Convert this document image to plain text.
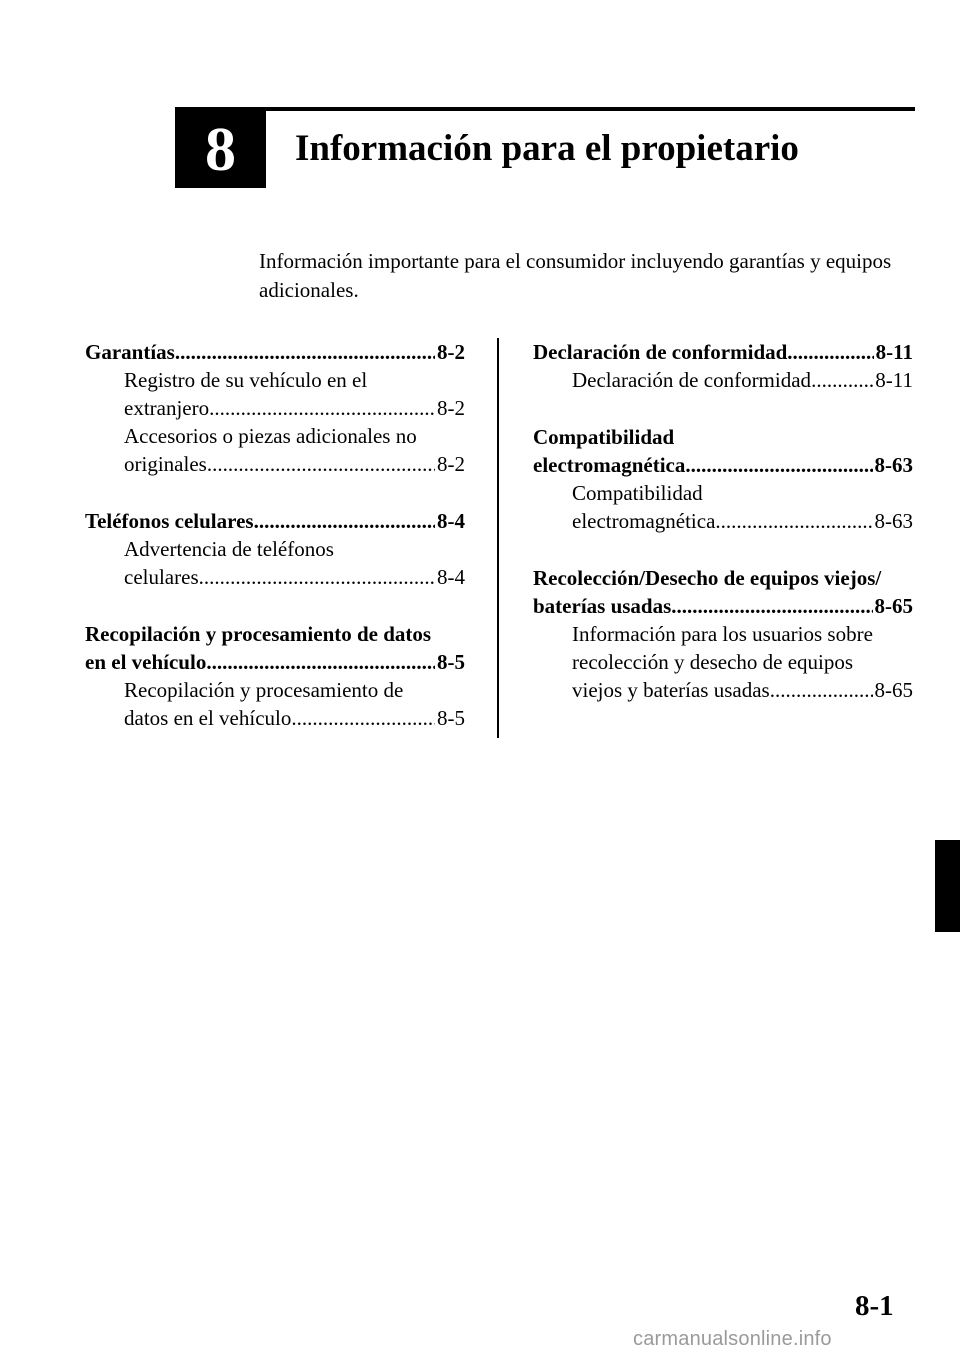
8 Información para el propietario
Información importante para el consumidor incluyendo garantías y equipos adicionales.
Garantías .....	8-2
Registro de su vehículo en el
extranjero .....	8-2
Accesorios o piezas adicionales no
originales .....	8-2
Teléfonos celulares .....	8-4
Advertencia de teléfonos
celulares .....	8-4
Recopilación y procesamiento de datos
en el vehículo .....	8-5
Recopilación y procesamiento de
datos en el vehículo .....	8-5
Declaración de conformidad .....	8-11
Declaración de conformidad .....	8-11
Compatibilidad
electromagnética .....	8-63
Compatibilidad
electromagnética .....	8-63
Recolección/Desecho de equipos viejos/
baterías usadas .....	8-65
Información para los usuarios sobre
recolección y desecho de equipos
viejos y baterías usadas .....	8-65
8-1
carmanualsonline.info
